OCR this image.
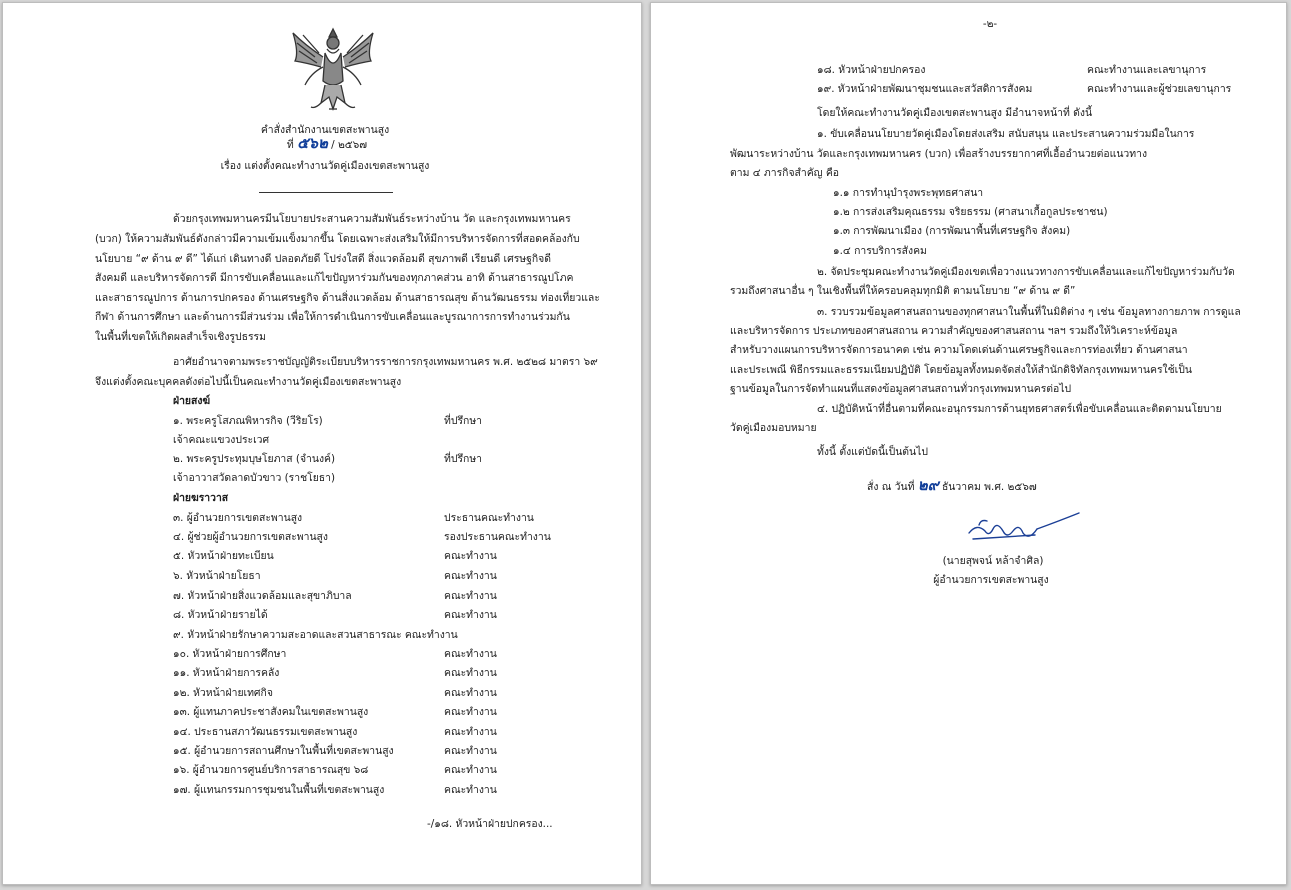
คำสั่งสำนักงานเขตสะพานสูง
ที่ ๕๖๒ / ๒๕๖๗
เรื่อง แต่งตั้งคณะทำงานวัดคู่เมืองเขตสะพานสูง
ด้วยกรุงเทพมหานครมีนโยบายประสานความสัมพันธ์ระหว่างบ้าน วัด และกรุงเทพมหานคร
(บวก) ให้ความสัมพันธ์ดังกล่าวมีความเข้มแข็งมากขึ้น โดยเฉพาะส่งเสริมให้มีการบริหารจัดการที่สอดคล้องกับ
นโยบาย “๙ ด้าน ๙ ดี” ได้แก่ เดินทางดี ปลอดภัยดี โปร่งใสดี สิ่งแวดล้อมดี สุขภาพดี เรียนดี เศรษฐกิจดี
สังคมดี และบริหารจัดการดี มีการขับเคลื่อนและแก้ไขปัญหาร่วมกันของทุกภาคส่วน อาทิ ด้านสาธารณูปโภค
และสาธารณูปการ ด้านการปกครอง ด้านเศรษฐกิจ ด้านสิ่งแวดล้อม ด้านสาธารณสุข ด้านวัฒนธรรม ท่องเที่ยวและ
กีฬา ด้านการศึกษา และด้านการมีส่วนร่วม เพื่อให้การดำเนินการขับเคลื่อนและบูรณาการการทำงานร่วมกัน
ในพื้นที่เขตให้เกิดผลสำเร็จเชิงรูปธรรม
อาศัยอำนาจตามพระราชบัญญัติระเบียบบริหารราชการกรุงเทพมหานคร พ.ศ. ๒๕๒๘ มาตรา ๖๙
จึงแต่งตั้งคณะบุคคลดังต่อไปนี้เป็นคณะทำงานวัดคู่เมืองเขตสะพานสูง
ฝ่ายสงฆ์
๑. พระครูโสภณพิหารกิจ (วีริยโร)	ที่ปรึกษา
เจ้าคณะแขวงประเวศ
๒. พระครูประทุมบุษโยภาส (จำนงค์)	ที่ปรึกษา
เจ้าอาวาสวัดลาดบัวขาว (ราชโยธา)
ฝ่ายฆราวาส
๓. ผู้อำนวยการเขตสะพานสูง	ประธานคณะทำงาน
๔. ผู้ช่วยผู้อำนวยการเขตสะพานสูง	รองประธานคณะทำงาน
๕. หัวหน้าฝ่ายทะเบียน	คณะทำงาน
๖. หัวหน้าฝ่ายโยธา	คณะทำงาน
๗. หัวหน้าฝ่ายสิ่งแวดล้อมและสุขาภิบาล	คณะทำงาน
๘. หัวหน้าฝ่ายรายได้	คณะทำงาน
๙. หัวหน้าฝ่ายรักษาความสะอาดและสวนสาธารณะ คณะทำงาน
๑๐. หัวหน้าฝ่ายการศึกษา	คณะทำงาน
๑๑. หัวหน้าฝ่ายการคลัง	คณะทำงาน
๑๒. หัวหน้าฝ่ายเทศกิจ	คณะทำงาน
๑๓. ผู้แทนภาคประชาสังคมในเขตสะพานสูง	คณะทำงาน
๑๔. ประธานสภาวัฒนธรรมเขตสะพานสูง	คณะทำงาน
๑๕. ผู้อำนวยการสถานศึกษาในพื้นที่เขตสะพานสูง	คณะทำงาน
๑๖. ผู้อำนวยการศูนย์บริการสาธารณสุข ๖๘	คณะทำงาน
๑๗. ผู้แทนกรรมการชุมชนในพื้นที่เขตสะพานสูง	คณะทำงาน
-/๑๘. หัวหน้าฝ่ายปกครอง...
-๒-
๑๘. หัวหน้าฝ่ายปกครอง	คณะทำงานและเลขานุการ
๑๙. หัวหน้าฝ่ายพัฒนาชุมชนและสวัสดิการสังคม	คณะทำงานและผู้ช่วยเลขานุการ
โดยให้คณะทำงานวัดคู่เมืองเขตสะพานสูง มีอำนาจหน้าที่ ดังนี้
๑. ขับเคลื่อนนโยบายวัดคู่เมืองโดยส่งเสริม สนับสนุน และประสานความร่วมมือในการ
พัฒนาระหว่างบ้าน วัดและกรุงเทพมหานคร (บวก) เพื่อสร้างบรรยากาศที่เอื้ออำนวยต่อแนวทาง
ตาม ๔ ภารกิจสำคัญ คือ
๑.๑ การทำนุบำรุงพระพุทธศาสนา
๑.๒ การส่งเสริมคุณธรรม จริยธรรม (ศาสนาเกื้อกูลประชาชน)
๑.๓ การพัฒนาเมือง (การพัฒนาพื้นที่เศรษฐกิจ สังคม)
๑.๔ การบริการสังคม
๒. จัดประชุมคณะทำงานวัดคู่เมืองเขตเพื่อวางแนวทางการขับเคลื่อนและแก้ไขปัญหาร่วมกับวัด
รวมถึงศาสนาอื่น ๆ ในเชิงพื้นที่ให้ครอบคลุมทุกมิติ ตามนโยบาย “๙ ด้าน ๙ ดี”
๓. รวบรวมข้อมูลศาสนสถานของทุกศาสนาในพื้นที่ในมิติต่าง ๆ เช่น ข้อมูลทางกายภาพ การดูแล
และบริหารจัดการ ประเภทของศาสนสถาน ความสำคัญของศาสนสถาน ฯลฯ รวมถึงให้วิเคราะห์ข้อมูล
สำหรับวางแผนการบริหารจัดการอนาคต เช่น ความโดดเด่นด้านเศรษฐกิจและการท่องเที่ยว ด้านศาสนา
และประเพณี พิธีกรรมและธรรมเนียมปฏิบัติ โดยข้อมูลทั้งหมดจัดส่งให้สำนักดิจิทัลกรุงเทพมหานครใช้เป็น
ฐานข้อมูลในการจัดทำแผนที่แสดงข้อมูลศาสนสถานทั่วกรุงเทพมหานครต่อไป
๔. ปฏิบัติหน้าที่อื่นตามที่คณะอนุกรรมการด้านยุทธศาสตร์เพื่อขับเคลื่อนและติดตามนโยบาย
วัดคู่เมืองมอบหมาย
ทั้งนี้ ตั้งแต่บัดนี้เป็นต้นไป
สั่ง ณ วันที่ ๒๙ ธันวาคม พ.ศ. ๒๕๖๗
(นายสุพจน์ หล้าจำศิล)
ผู้อำนวยการเขตสะพานสูง
